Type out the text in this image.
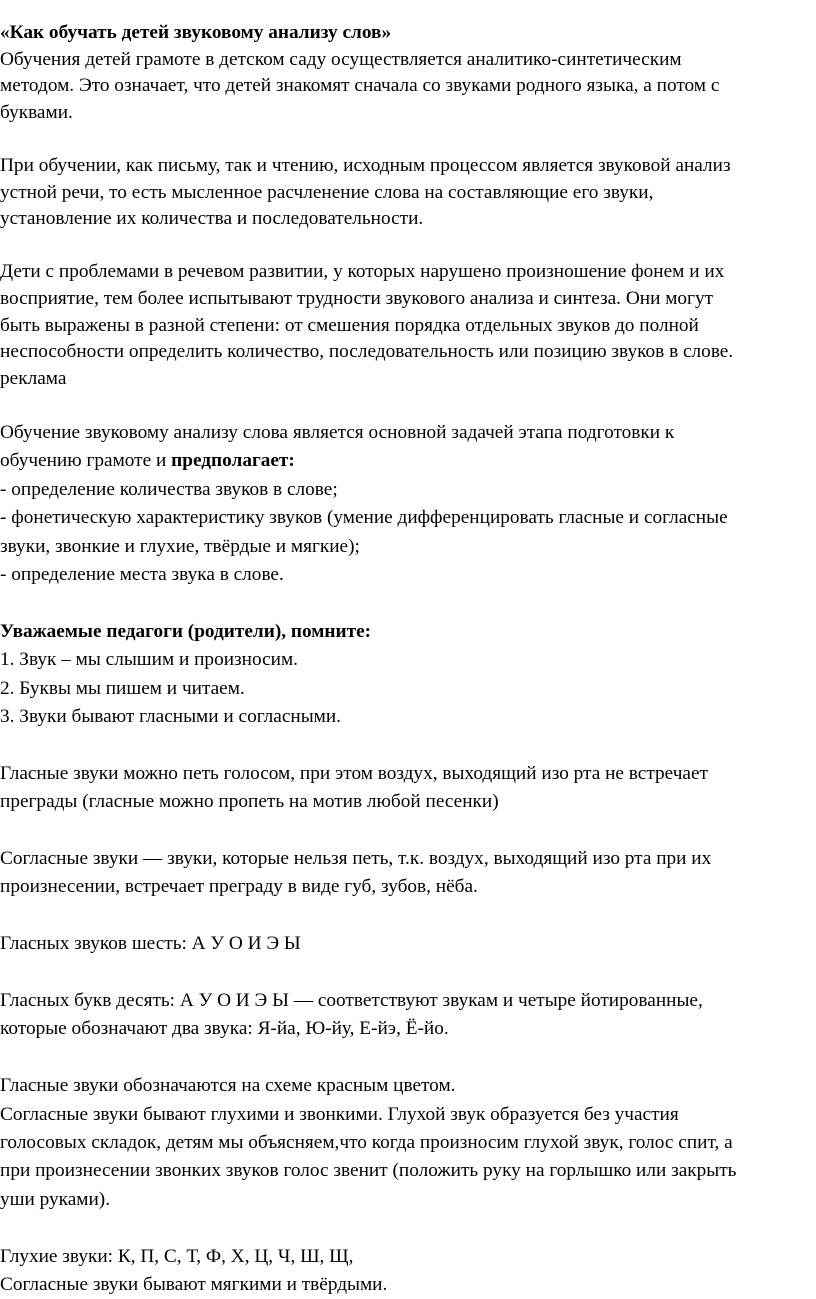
«Как обучать детей звуковому анализу слов»
Обучения детей грамоте в детском саду осуществляется аналитико-синтетическим
методом. Это означает, что детей знакомят сначала со звуками родного языка, а потом с
буквами.
При обучении, как письму, так и чтению, исходным процессом является звуковой анализ
устной речи, то есть мысленное расчленение слова на составляющие его звуки,
установление их количества и последовательности.
Дети с проблемами в речевом развитии, у которых нарушено произношение фонем и их
восприятие, тем более испытывают трудности звукового анализа и синтеза. Они могут
быть выражены в разной степени: от смешения порядка отдельных звуков до полной
неспособности определить количество, последовательность или позицию звуков в слове.
реклама
Обучение звуковому анализу слова является основной задачей этапа подготовки к
обучению грамоте и предполагает:
- определение количества звуков в слове;
- фонетическую характеристику звуков (умение дифференцировать гласные и согласные
звуки, звонкие и глухие, твёрдые и мягкие);
- определение места звука в слове.
Уважаемые педагоги (родители), помните:
1. Звук – мы слышим и произносим.
2. Буквы мы пишем и читаем.
3. Звуки бывают гласными и согласными.
Гласные звуки можно петь голосом, при этом воздух, выходящий изо рта не встречает
преграды (гласные можно пропеть на мотив любой песенки)
Согласные звуки — звуки, которые нельзя петь, т.к. воздух, выходящий изо рта при их
произнесении, встречает преграду в виде губ, зубов, нёба.
Гласных звуков шесть: А У О И Э Ы
Гласных букв десять: А У О И Э Ы — соответствуют звукам и четыре йотированные,
которые обозначают два звука: Я-йа, Ю-йу, Е-йэ, Ё-йо.
Гласные звуки обозначаются на схеме красным цветом.
Согласные звуки бывают глухими и звонкими. Глухой звук образуется без участия
голосовых складок, детям мы объясняем,что когда произносим глухой звук, голос спит, а
при произнесении звонких звуков голос звенит (положить руку на горлышко или закрыть
уши руками).
Глухие звуки: К, П, С, Т, Ф, Х, Ц, Ч, Ш, Щ,
Согласные звуки бывают мягкими и твёрдыми.
